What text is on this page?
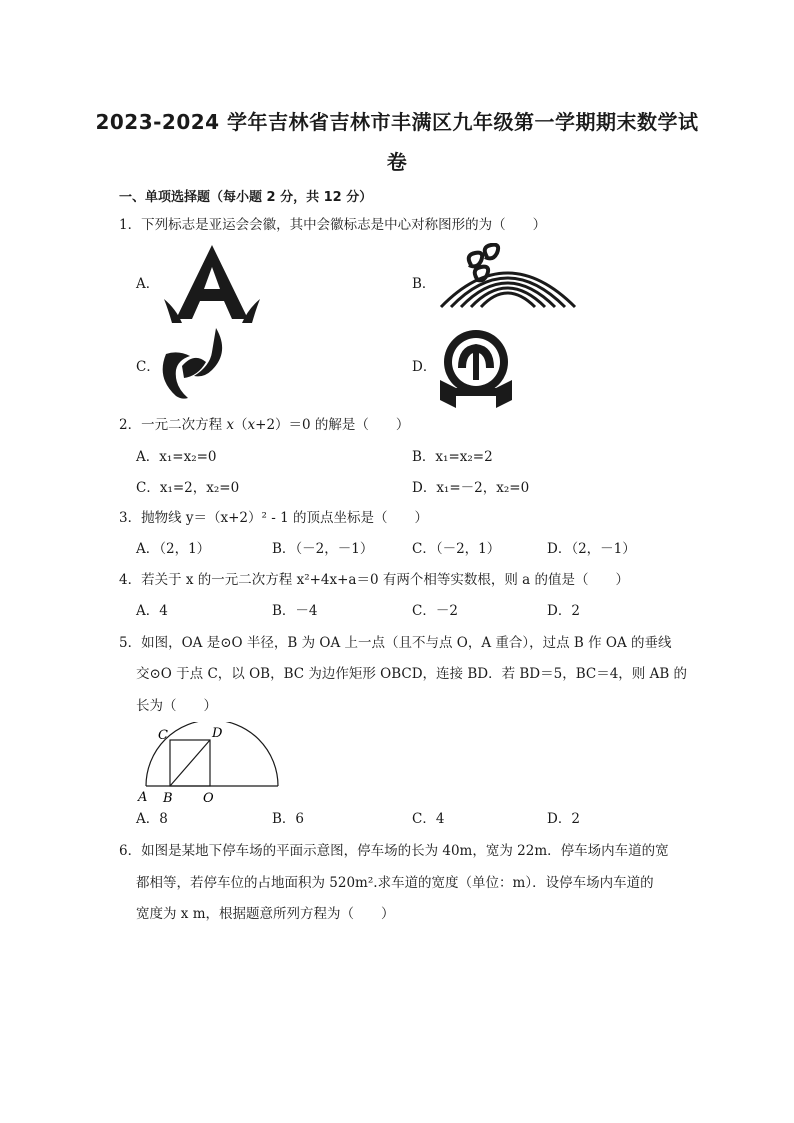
2023-2024 学年吉林省吉林市丰满区九年级第一学期期末数学试
卷
一、单项选择题（每小题 2 分，共 12 分）
1．下列标志是亚运会会徽，其中会徽标志是中心对称图形的为（　　）
A．	B．
C．	D．
2．一元二次方程 x（x+2）＝0 的解是（　　）
A．x₁=x₂=0	B．x₁=x₂=2
C．x₁=2，x₂=0	D．x₁=－2，x₂=0
3．抛物线 y＝（x+2）² - 1 的顶点坐标是（　　）
A．（2，1）	B．（－2，－1）	C．（－2，1）	D．（2，－1）
4．若关于 x 的一元二次方程 x²+4x+a＝0 有两个相等实数根，则 a 的值是（　　）
A．4	B．－4	C．－2	D．2
5．如图，OA 是⊙O 半径，B 为 OA 上一点（且不与点 O，A 重合），过点 B 作 OA 的垂线
交⊙O 于点 C，以 OB，BC 为边作矩形 OBCD，连接 BD．若 BD＝5，BC＝4，则 AB 的
长为（　　）
C	D
A B O
A．8	B．6	C．4	D．2
6．如图是某地下停车场的平面示意图，停车场的长为 40m，宽为 22m．停车场内车道的宽
都相等，若停车位的占地面积为 520m².求车道的宽度（单位：m）．设停车场内车道的
宽度为 x m，根据题意所列方程为（　　）
